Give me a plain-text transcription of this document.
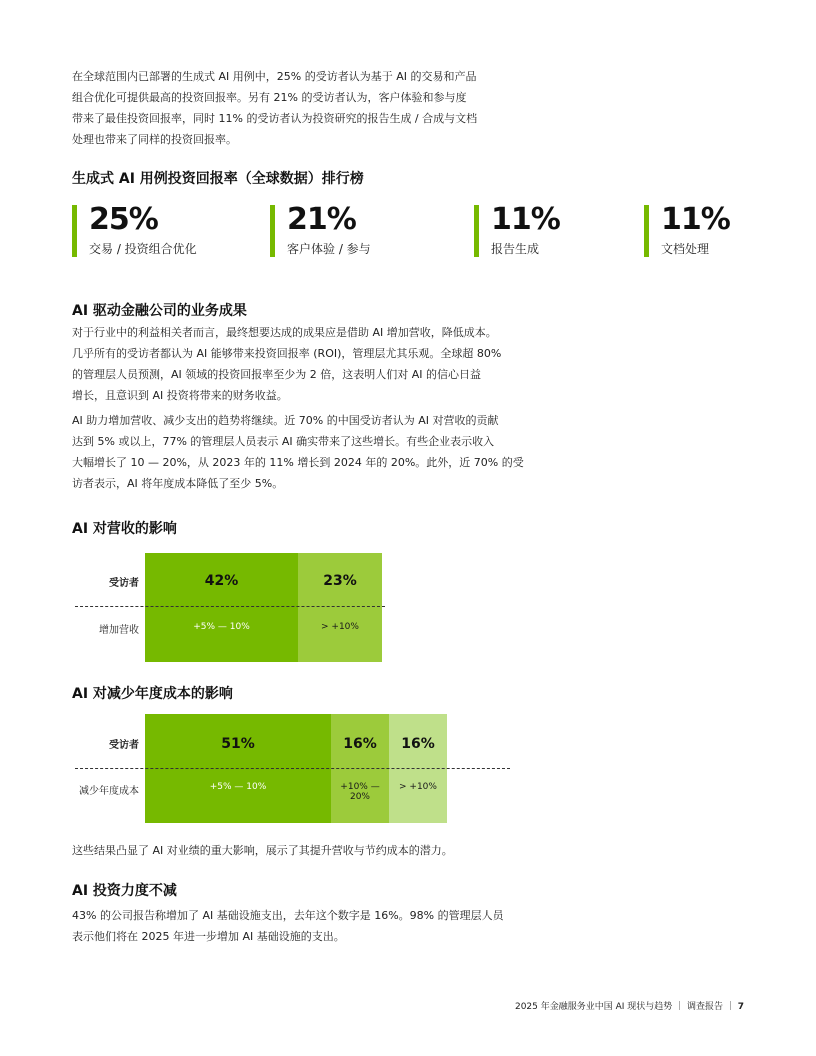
在全球范围内已部署的生成式 AI 用例中，25% 的受访者认为基于 AI 的交易和产品
组合优化可提供最高的投资回报率。另有 21% 的受访者认为，客户体验和参与度
带来了最佳投资回报率，同时 11% 的受访者认为投资研究的报告生成 / 合成与文档
处理也带来了同样的投资回报率。
生成式 AI 用例投资回报率（全球数据）排行榜
25%
交易 / 投资组合优化
21%
客户体验 / 参与
11%
报告生成
11%
文档处理
AI 驱动金融公司的业务成果
对于行业中的利益相关者而言，最终想要达成的成果应是借助 AI 增加营收，降低成本。
几乎所有的受访者都认为 AI 能够带来投资回报率 (ROI)，管理层尤其乐观。全球超 80%
的管理层人员预测，AI 领域的投资回报率至少为 2 倍，这表明人们对 AI 的信心日益
增长，且意识到 AI 投资将带来的财务收益。
AI 助力增加营收、减少支出的趋势将继续。近 70% 的中国受访者认为 AI 对营收的贡献
达到 5% 或以上，77% 的管理层人员表示 AI 确实带来了这些增长。有些企业表示收入
大幅增长了 10 — 20%，从 2023 年的 11% 增长到 2024 年的 20%。此外，近 70% 的受
访者表示，AI 将年度成本降低了至少 5%。
AI 对营收的影响
受访者
增加营收
42%
+5% — 10%
23%
> +10%
AI 对减少年度成本的影响
受访者
减少年度成本
51%
+5% — 10%
16%
+10% — 20%
16%
> +10%
这些结果凸显了 AI 对业绩的重大影响，展示了其提升营收与节约成本的潜力。
AI 投资力度不减
43% 的公司报告称增加了 AI 基础设施支出，去年这个数字是 16%。98% 的管理层人员
表示他们将在 2025 年进一步增加 AI 基础设施的支出。
2025 年金融服务业中国 AI 现状与趋势 ｜ 调查报告 ｜ 7
